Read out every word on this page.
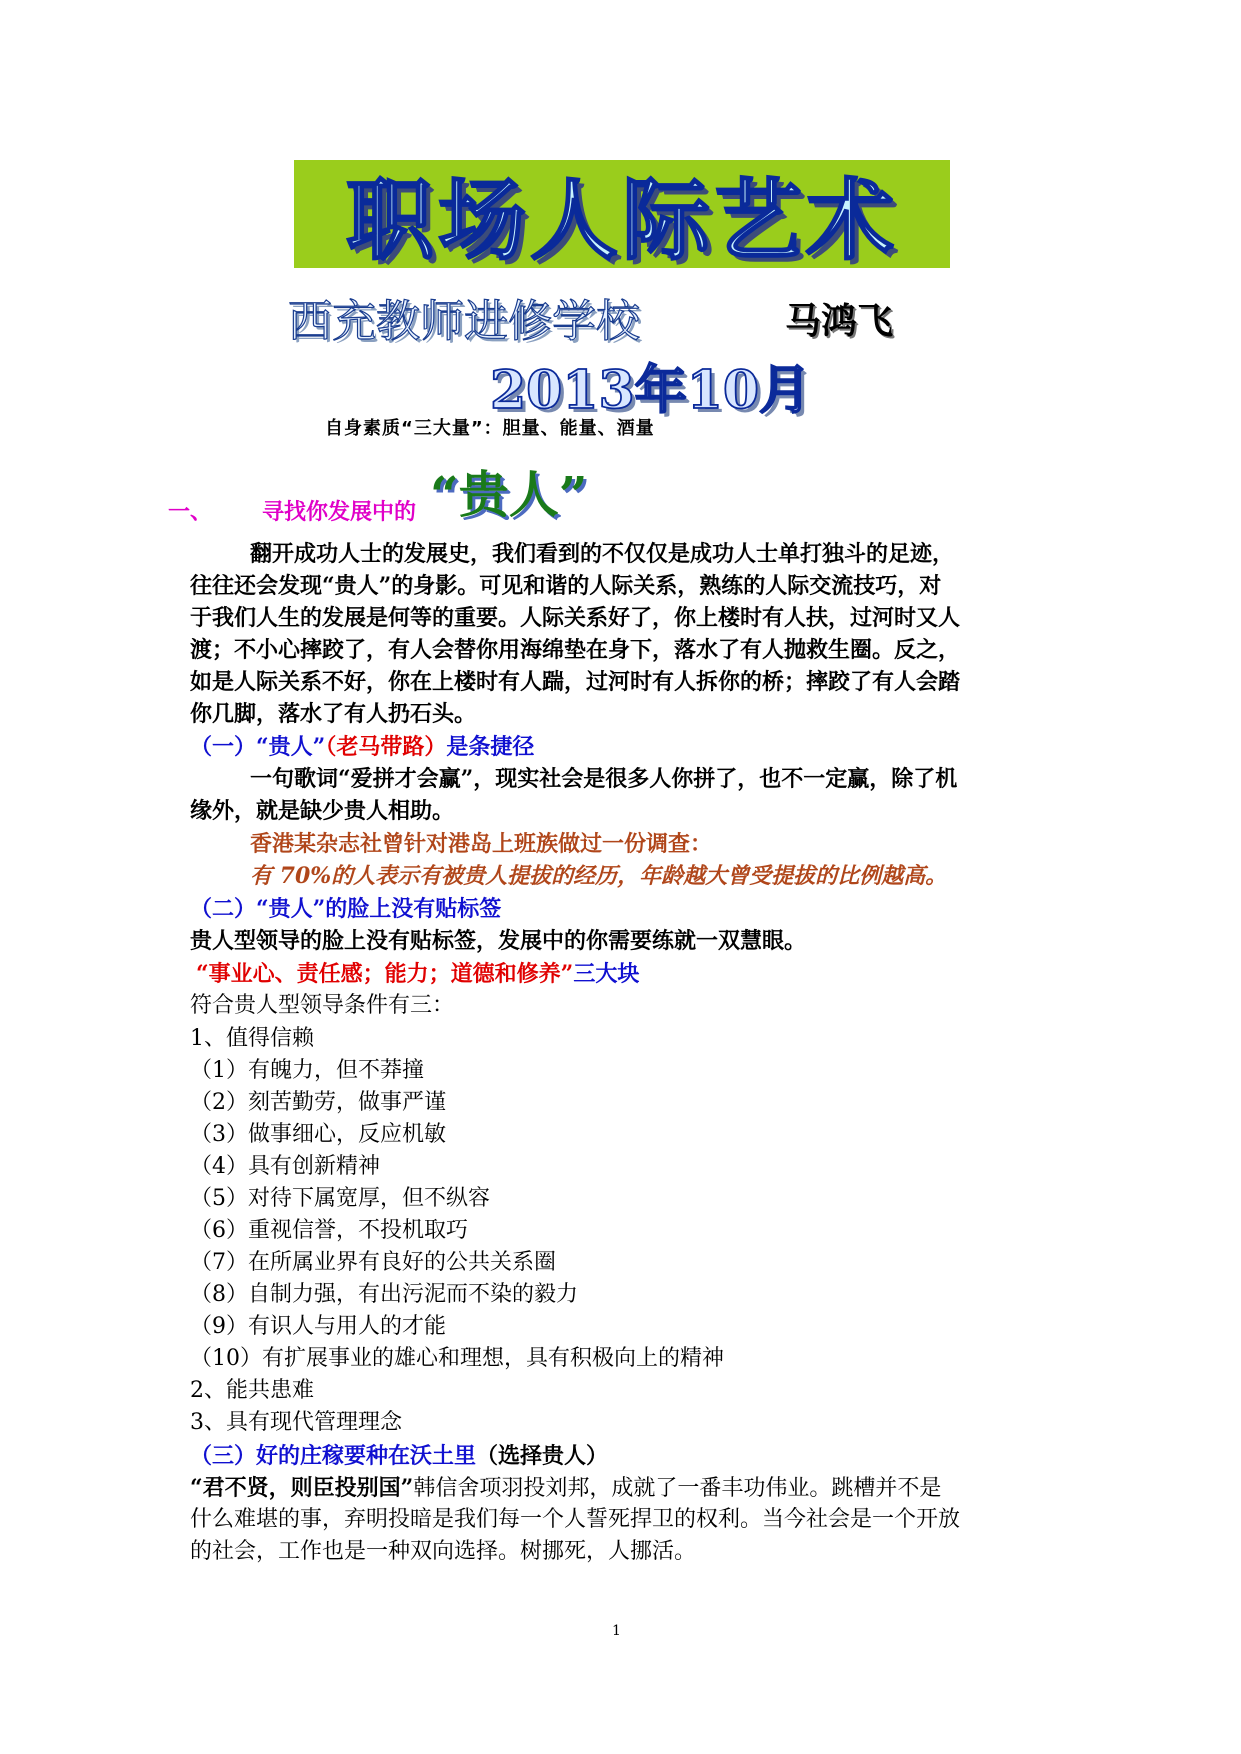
职场人际艺术
西充教师进修学校	马鸿飞
2013年10月
自身素质“三大量”：胆量、能量、酒量
一、 寻找你发展中的 “贵人”
翻开成功人士的发展史，我们看到的不仅仅是成功人士单打独斗的足迹，
往往还会发现“贵人”的身影。可见和谐的人际关系，熟练的人际交流技巧，对
于我们人生的发展是何等的重要。人际关系好了，你上楼时有人扶，过河时又人
渡；不小心摔跤了，有人会替你用海绵垫在身下，落水了有人抛救生圈。反之，
如是人际关系不好，你在上楼时有人踹，过河时有人拆你的桥；摔跤了有人会踏
你几脚，落水了有人扔石头。
（一）“贵人”（老马带路）是条捷径
一句歌词“爱拼才会赢”，现实社会是很多人你拼了，也不一定赢，除了机
缘外，就是缺少贵人相助。
香港某杂志社曾针对港岛上班族做过一份调查：
有 70%的人表示有被贵人提拔的经历，年龄越大曾受提拔的比例越高。
（二）“贵人”的脸上没有贴标签
贵人型领导的脸上没有贴标签，发展中的你需要练就一双慧眼。
“事业心、责任感；能力；道德和修养”三大块
符合贵人型领导条件有三：
1、值得信赖
（1）有魄力，但不莽撞
（2）刻苦勤劳，做事严谨
（3）做事细心，反应机敏
（4）具有创新精神
（5）对待下属宽厚，但不纵容
（6）重视信誉，不投机取巧
（7）在所属业界有良好的公共关系圈
（8）自制力强，有出污泥而不染的毅力
（9）有识人与用人的才能
（10）有扩展事业的雄心和理想，具有积极向上的精神
2、能共患难
3、具有现代管理理念
（三）好的庄稼要种在沃土里（选择贵人）
“君不贤，则臣投别国”韩信舍项羽投刘邦，成就了一番丰功伟业。跳槽并不是
什么难堪的事，弃明投暗是我们每一个人誓死捍卫的权利。当今社会是一个开放
的社会，工作也是一种双向选择。树挪死，人挪活。
1
